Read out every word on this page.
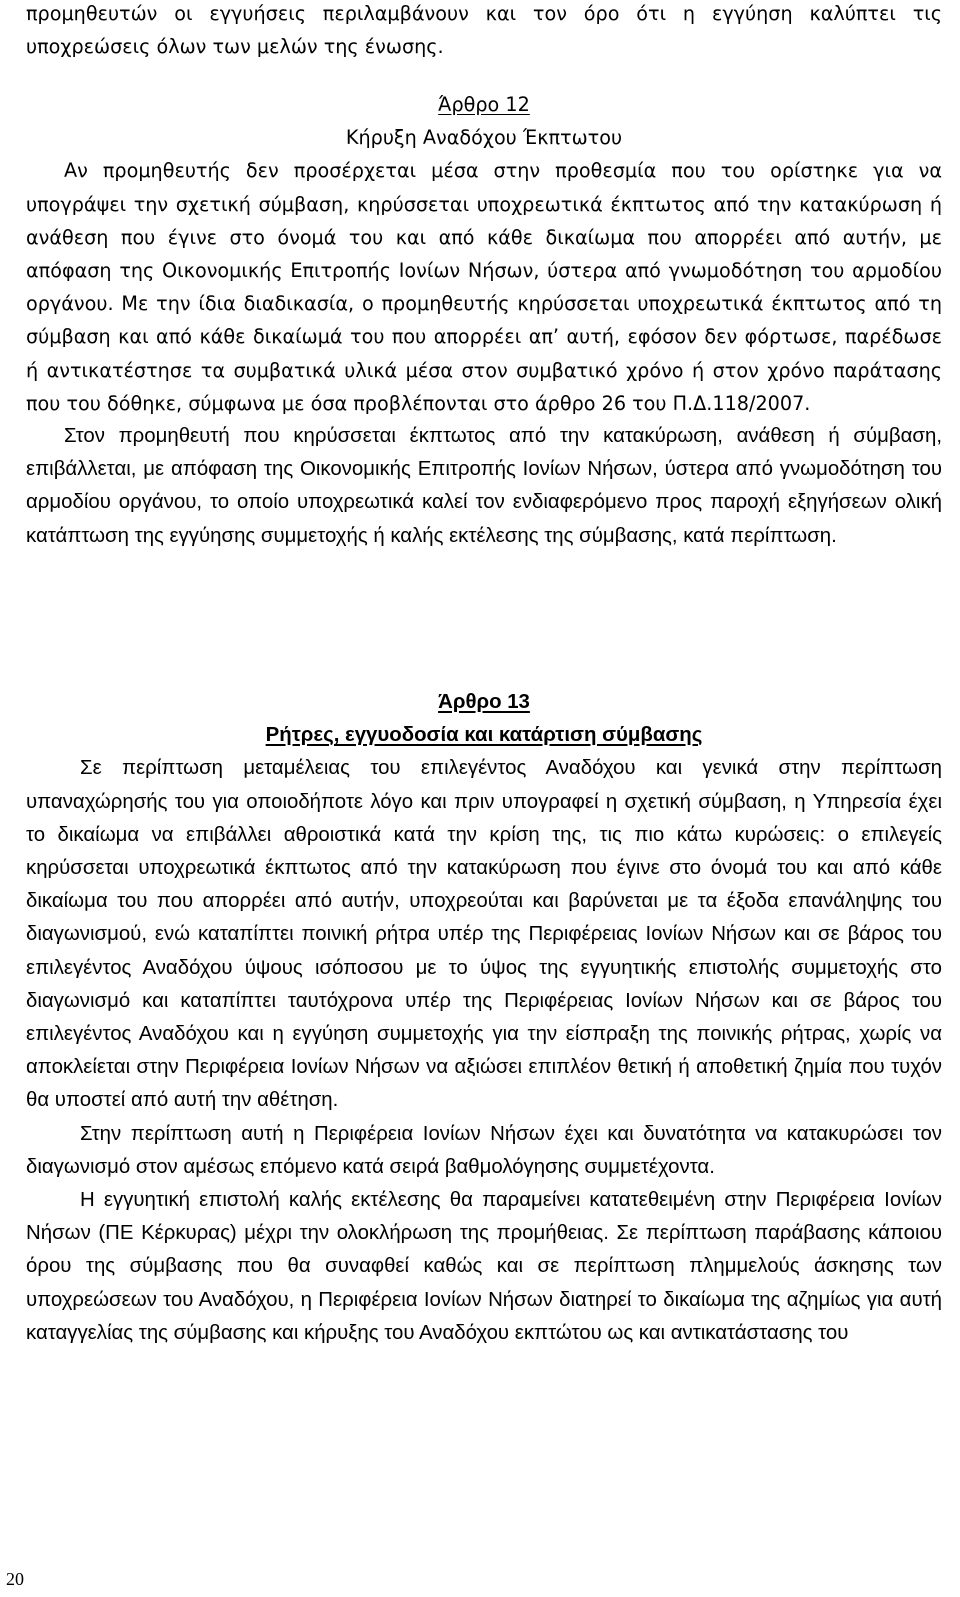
προμηθευτών οι εγγυήσεις περιλαμβάνουν και τον όρο ότι η εγγύηση καλύπτει τις υποχρεώσεις όλων των μελών της ένωσης.

Άρθρο 12

Κήρυξη Αναδόχου Έκπτωτου

Αν προμηθευτής δεν προσέρχεται μέσα στην προθεσμία που του ορίστηκε για να υπογράψει την σχετική σύμβαση, κηρύσσεται υποχρεωτικά έκπτωτος από την κατακύρωση ή ανάθεση που έγινε στο όνομά του και από κάθε δικαίωμα που απορρέει από αυτήν, με απόφαση της Οικονομικής Επιτροπής Ιονίων Νήσων, ύστερα από γνωμοδότηση του αρμοδίου οργάνου. Με την ίδια διαδικασία, ο προμηθευτής κηρύσσεται υποχρεωτικά έκπτωτος από τη σύμβαση και από κάθε δικαίωμά του που απορρέει απ’ αυτή, εφόσον δεν φόρτωσε, παρέδωσε ή αντικατέστησε τα συμβατικά υλικά μέσα στον συμβατικό χρόνο ή στον χρόνο παράτασης που του δόθηκε, σύμφωνα με όσα προβλέπονται στο άρθρο 26 του Π.Δ.118/2007.

Στον προμηθευτή που κηρύσσεται έκπτωτος από την κατακύρωση, ανάθεση ή σύμβαση, επιβάλλεται, με απόφαση της Οικονομικής Επιτροπής Ιονίων Νήσων, ύστερα από γνωμοδότηση του αρμοδίου οργάνου, το οποίο υποχρεωτικά καλεί τον ενδιαφερόμενο προς παροχή εξηγήσεων ολική κατάπτωση της εγγύησης συμμετοχής ή καλής εκτέλεσης της σύμβασης, κατά περίπτωση.

Άρθρο 13

Ρήτρες, εγγυοδοσία και κατάρτιση σύμβασης

Σε περίπτωση μεταμέλειας του επιλεγέντος Αναδόχου και γενικά στην περίπτωση υπαναχώρησής του για οποιοδήποτε λόγο και πριν υπογραφεί η σχετική σύμβαση, η Υπηρεσία έχει το δικαίωμα να επιβάλλει αθροιστικά κατά την κρίση της, τις πιο κάτω κυρώσεις: ο επιλεγείς κηρύσσεται υποχρεωτικά έκπτωτος από την κατακύρωση που έγινε στο όνομά του και από κάθε δικαίωμα του που απορρέει από αυτήν, υποχρεούται και βαρύνεται με τα έξοδα επανάληψης του διαγωνισμού, ενώ καταπίπτει ποινική ρήτρα υπέρ της Περιφέρειας Ιονίων Νήσων και σε βάρος του επιλεγέντος Αναδόχου ύψους ισόποσου με το ύψος της εγγυητικής επιστολής συμμετοχής στο διαγωνισμό και καταπίπτει ταυτόχρονα υπέρ της Περιφέρειας Ιονίων Νήσων και σε βάρος του επιλεγέντος Αναδόχου και η εγγύηση συμμετοχής για την είσπραξη της ποινικής ρήτρας, χωρίς να αποκλείεται στην Περιφέρεια Ιονίων Νήσων να αξιώσει επιπλέον θετική ή αποθετική ζημία που τυχόν θα υποστεί από αυτή την αθέτηση.

Στην περίπτωση αυτή η Περιφέρεια Ιονίων Νήσων έχει και δυνατότητα να κατακυρώσει τον διαγωνισμό στον αμέσως επόμενο κατά σειρά βαθμολόγησης συμμετέχοντα.

Η εγγυητική επιστολή καλής εκτέλεσης θα παραμείνει κατατεθειμένη στην Περιφέρεια Ιονίων Νήσων (ΠΕ Κέρκυρας) μέχρι την ολοκλήρωση της προμήθειας. Σε περίπτωση παράβασης κάποιου όρου της σύμβασης που θα συναφθεί καθώς και σε περίπτωση πλημμελούς άσκησης των υποχρεώσεων του Αναδόχου, η Περιφέρεια Ιονίων Νήσων διατηρεί το δικαίωμα της αζημίως για αυτή καταγγελίας της σύμβασης και κήρυξης του Αναδόχου εκπτώτου ως και αντικατάστασης του

20
